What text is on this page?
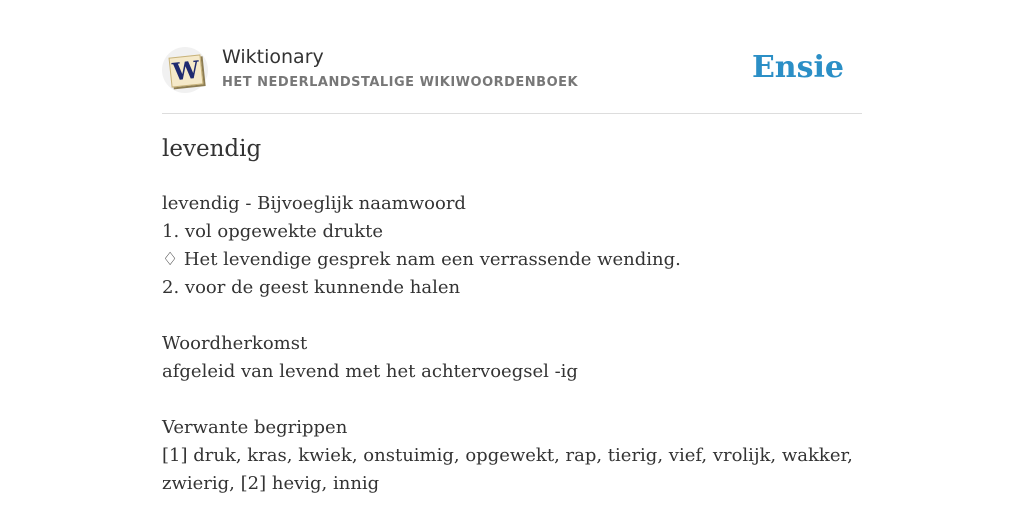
W Wiktionary
HET NEDERLANDSTALIGE WIKIWOORDENBOEK	Ensie
levendig
levendig - Bijvoeglijk naamwoord
1. vol opgewekte drukte
♢ Het levendige gesprek nam een verrassende wending.
2. voor de geest kunnende halen
Woordherkomst
afgeleid van levend met het achtervoegsel -ig
Verwante begrippen
[1] druk, kras, kwiek, onstuimig, opgewekt, rap, tierig, vief, vrolijk, wakker, zwierig, [2] hevig, innig
